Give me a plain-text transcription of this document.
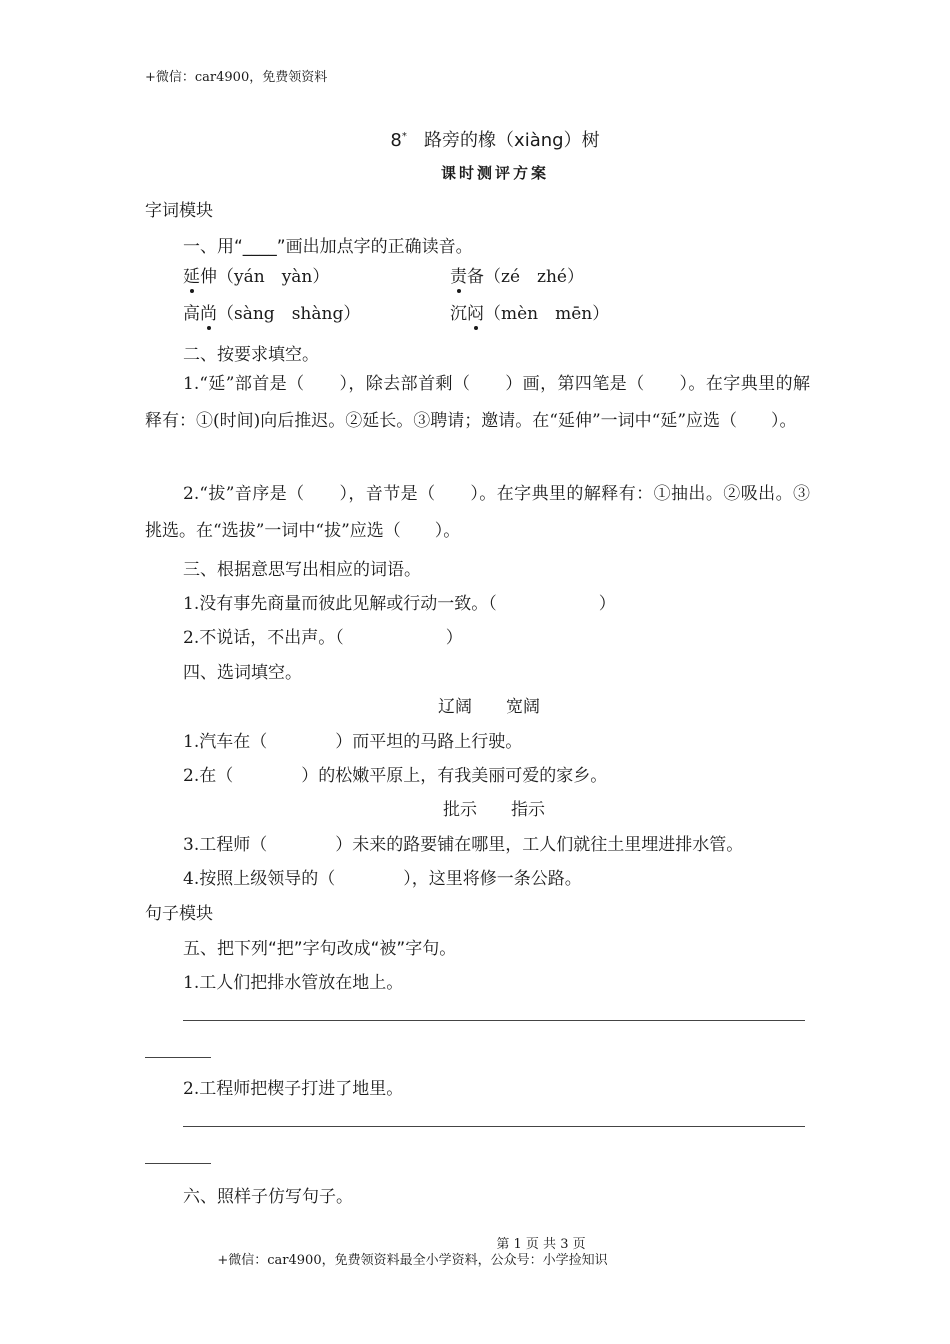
+微信：car4900，免费领资料
8* 路旁的橡（xiàng）树
课时测评方案
字词模块
一、用“____”画出加点字的正确读音。
延伸（yán　yàn）	责备（zé　zhé）
高尚（sàng　shàng）	沉闷（mèn　mēn）
二、按要求填空。
1.“延”部首是（　　），除去部首剩（　　）画，第四笔是（　　）。在字典里的解释有：①(时间)向后推迟。②延长。③聘请；邀请。在“延伸”一词中“延”应选（　　）。
2.“拔”音序是（　　），音节是（　　）。在字典里的解释有：①抽出。②吸出。③挑选。在“选拔”一词中“拔”应选（　　）。
三、根据意思写出相应的词语。
1.没有事先商量而彼此见解或行动一致。（　　　　　　）
2.不说话，不出声。（　　　　　　）
四、选词填空。
辽阔　　宽阔
1.汽车在（　　　　）而平坦的马路上行驶。
2.在（　　　　）的松嫩平原上，有我美丽可爱的家乡。
批示　　指示
3.工程师（　　　　）未来的路要铺在哪里，工人们就往土里埋进排水管。
4.按照上级领导的（　　　　），这里将修一条公路。
句子模块
五、把下列“把”字句改成“被”字句。
1.工人们把排水管放在地上。
2.工程师把楔子打进了地里。
六、照样子仿写句子。
第 1 页 共 3 页
+微信：car4900，免费领资料最全小学资料，公众号：小学捡知识
